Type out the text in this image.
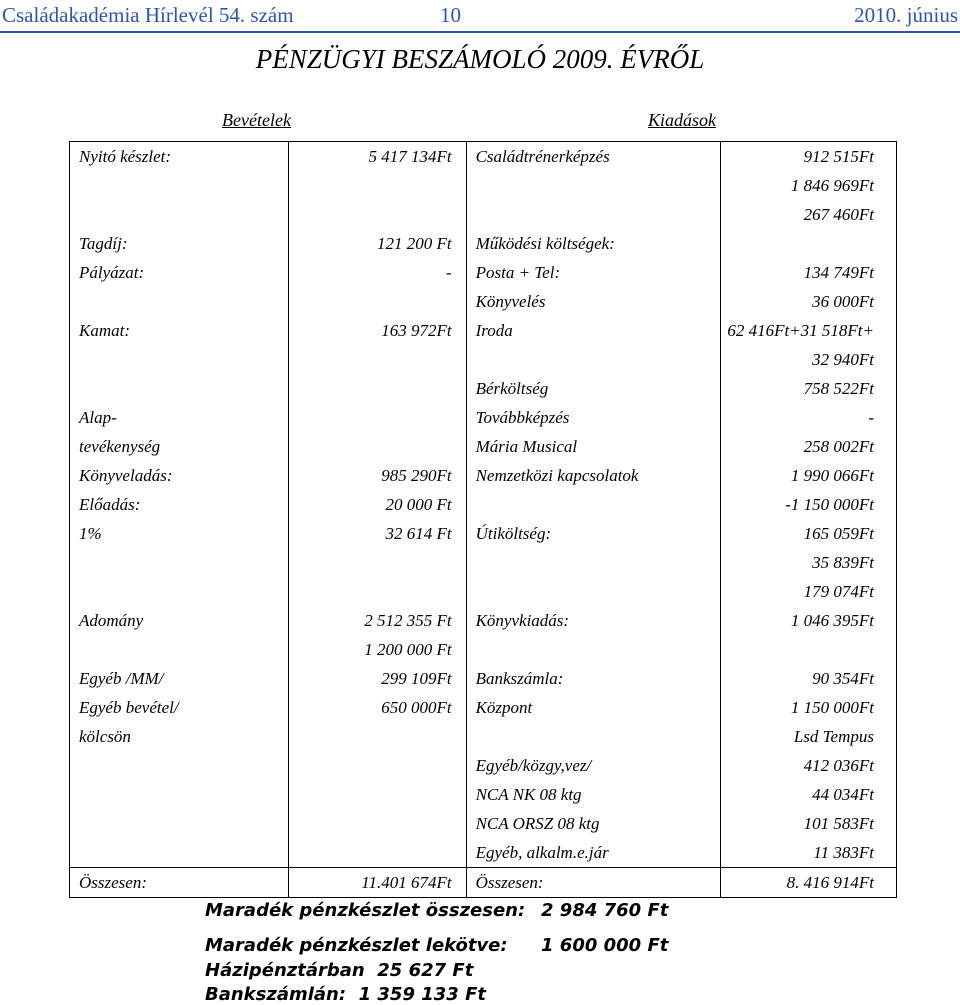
Családakadémia Hírlevél 54. szám	10	2010. június
PÉNZÜGYI BESZÁMOLÓ 2009. ÉVRŐL
Bevételek	Kiadások
Nyitó készlet:	5 417 134Ft	Családtrénerképzés	912 515Ft
			1 846 969Ft
			267 460Ft
Tagdíj:	121 200 Ft	Működési költségek:	
Pályázat:	-	Posta + Tel:	134 749Ft
		Könyvelés	36 000Ft
Kamat:	163 972Ft	Iroda	62 416Ft+31 518Ft+
			32 940Ft
		Bérköltség	758 522Ft
Alap-		Továbbképzés	-
tevékenység		Mária Musical	258 002Ft
Könyveladás:	985 290Ft	Nemzetközi kapcsolatok	1 990 066Ft
Előadás:	20 000 Ft		-1 150 000Ft
1%	32 614 Ft	Útiköltség:	165 059Ft
			35 839Ft
			179 074Ft
Adomány	2 512 355 Ft	Könyvkiadás:	1 046 395Ft
	1 200 000 Ft		
Egyéb /MM/	299 109Ft	Bankszámla:	90 354Ft
Egyéb bevétel/	650 000Ft	Központ	1 150 000Ft
kölcsön			Lsd Tempus
		Egyéb/közgy,vez/	412 036Ft
		NCA NK 08 ktg	44 034Ft
		NCA ORSZ 08 ktg	101 583Ft
		Egyéb, alkalm.e.jár	11 383Ft
Összesen:	11.401 674Ft	Összesen:	8. 416 914Ft
Maradék pénzkészlet összesen: 2 984 760 Ft
Maradék pénzkészlet lekötve: 1 600 000 Ft
Házipénztárban  25 627 Ft
Bankszámlán:  1 359 133 Ft
